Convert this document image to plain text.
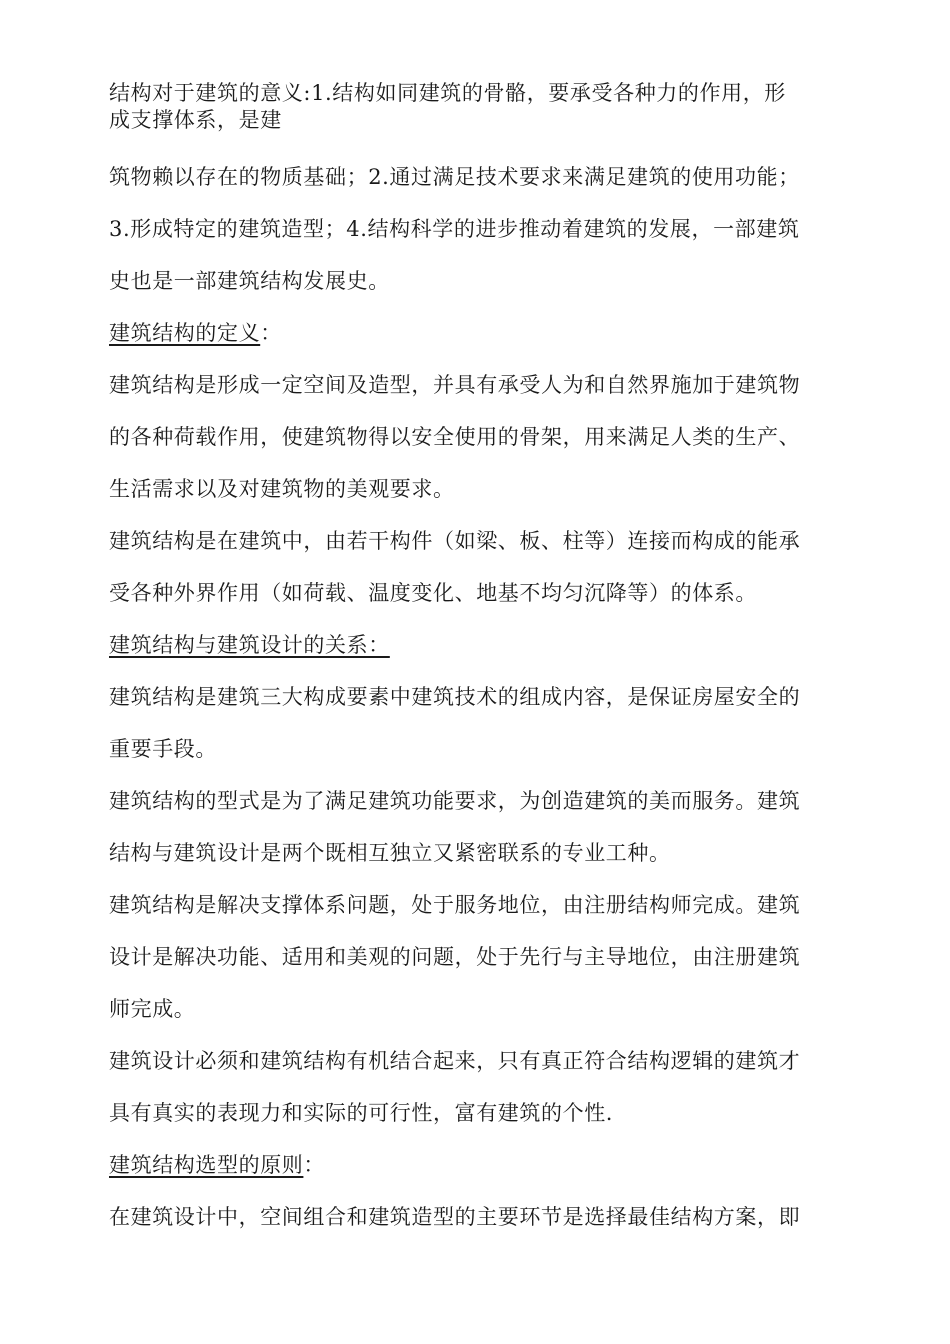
结构对于建筑的意义:1.结构如同建筑的骨骼，要承受各种力的作用，形
成支撑体系，是建
筑物赖以存在的物质基础；2.通过满足技术要求来满足建筑的使用功能；
3.形成特定的建筑造型；4.结构科学的进步推动着建筑的发展，一部建筑
史也是一部建筑结构发展史。
建筑结构的定义 ：
建筑结构是形成一定空间及造型，并具有承受人为和自然界施加于建筑物
的各种荷载作用，使建筑物得以安全使用的骨架，用来满足人类的生产、
生活需求以及对建筑物的美观要求。
建筑结构是在建筑中，由若干构件（如梁、板、柱等）连接而构成的能承
受各种外界作用（如荷载、温度变化、地基不均匀沉降等）的体系。
建筑结构与建筑设计的关系：
建筑结构是建筑三大构成要素中建筑技术的组成内容，是保证房屋安全的
重要手段。
建筑结构的型式是为了满足建筑功能要求，为创造建筑的美而服务。建筑
结构与建筑设计是两个既相互独立又紧密联系的专业工种。
建筑结构是解决支撑体系问题，处于服务地位，由注册结构师完成。建筑
设计是解决功能、适用和美观的问题，处于先行与主导地位，由注册建筑
师完成。
建筑设计必须和建筑结构有机结合起来，只有真正符合结构逻辑的建筑才
具有真实的表现力和实际的可行性，富有建筑的个性.
建筑结构选型的原则 ：
在建筑设计中，空间组合和建筑造型的主要环节是选择最佳结构方案，即
